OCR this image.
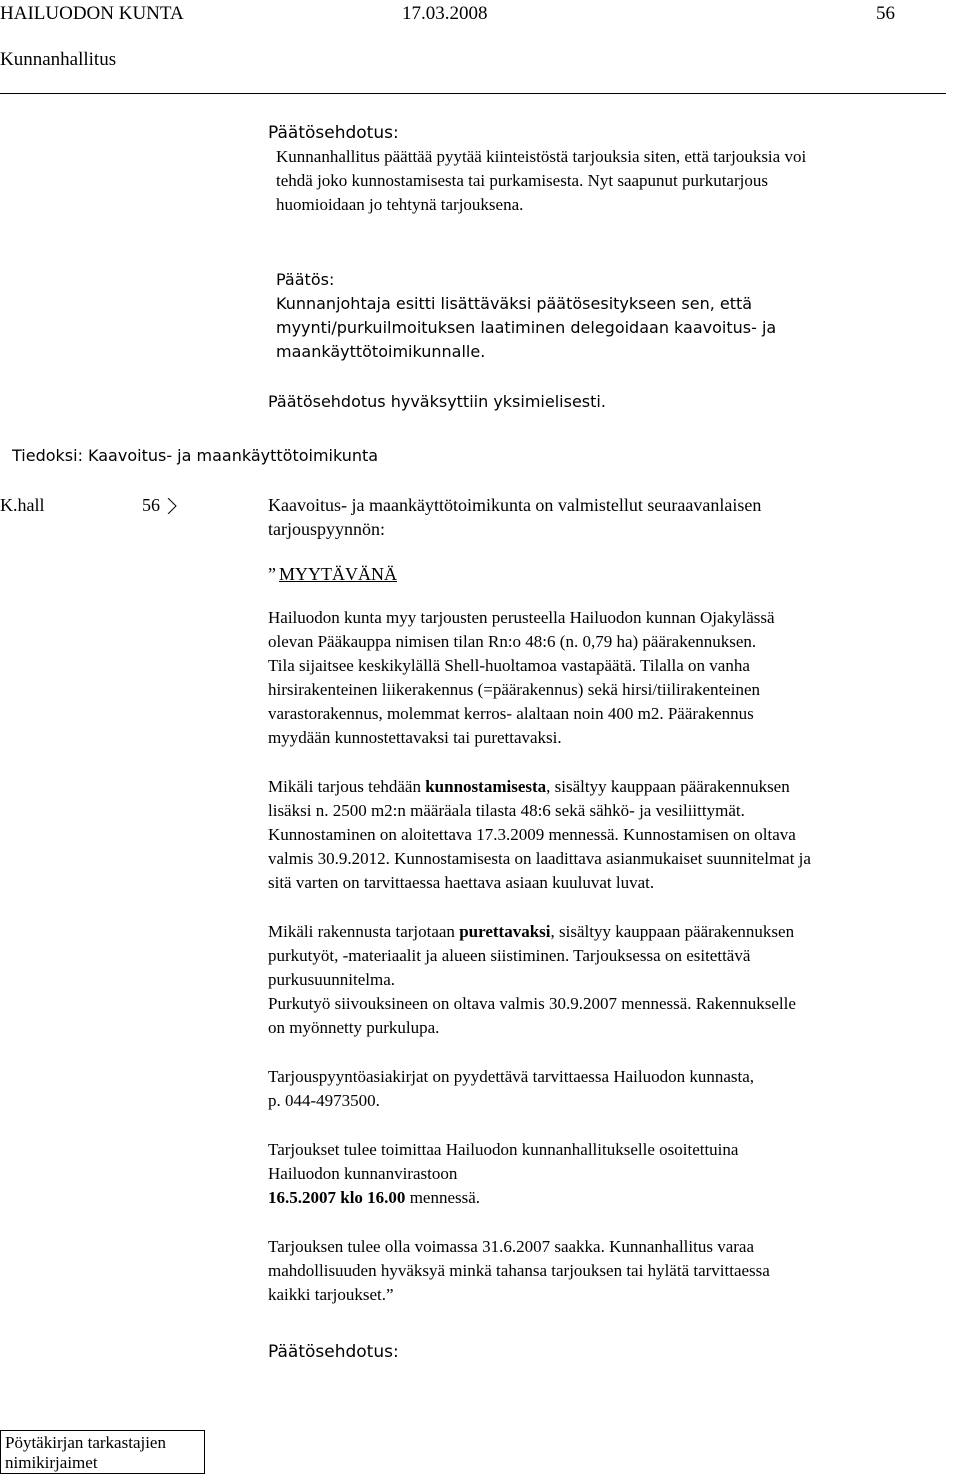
HAILUODON KUNTA	17.03.2008	56
Kunnanhallitus

Päätösehdotus:

Kunnanhallitus päättää pyytää kiinteistöstä tarjouksia siten, että tarjouksia voi

tehdä joko kunnostamisesta tai purkamisesta. Nyt saapunut purkutarjous

huomioidaan jo tehtynä tarjouksena.

Päätös:

Kunnanjohtaja esitti lisättäväksi päätösesitykseen sen, että

myynti/purkuilmoituksen laatiminen delegoidaan kaavoitus- ja

maankäyttötoimikunnalle.

Päätösehdotus hyväksyttiin yksimielisesti.

Tiedoksi: Kaavoitus- ja maankäyttötoimikunta
K.hall	56	Kaavoitus- ja maankäyttötoimikunta on valmistellut seuraavanlaisen

tarjouspyynnön:

” MYYTÄVÄNÄ

Hailuodon kunta myy tarjousten perusteella Hailuodon kunnan Ojakylässä

olevan Pääkauppa nimisen tilan Rn:o 48:6 (n. 0,79 ha) päärakennuksen.

Tila sijaitsee keskikylällä Shell-huoltamoa vastapäätä. Tilalla on vanha

hirsirakenteinen liikerakennus (=päärakennus) sekä hirsi/tiilirakenteinen

varastorakennus, molemmat kerros- alaltaan noin 400 m2. Päärakennus

myydään kunnostettavaksi tai purettavaksi.

Mikäli tarjous tehdään kunnostamisesta, sisältyy kauppaan päärakennuksen

lisäksi n. 2500 m2:n määräala tilasta 48:6 sekä sähkö- ja vesiliittymät.

Kunnostaminen on aloitettava 17.3.2009 mennessä. Kunnostamisen on oltava

valmis 30.9.2012. Kunnostamisesta on laadittava asianmukaiset suunnitelmat ja

sitä varten on tarvittaessa haettava asiaan kuuluvat luvat.

Mikäli rakennusta tarjotaan purettavaksi, sisältyy kauppaan päärakennuksen

purkutyöt, -materiaalit ja alueen siistiminen. Tarjouksessa on esitettävä

purkusuunnitelma.

Purkutyö siivouksineen on oltava valmis 30.9.2007 mennessä. Rakennukselle

on myönnetty purkulupa.

Tarjouspyyntöasiakirjat on pyydettävä tarvittaessa Hailuodon kunnasta,

p. 044-4973500.

Tarjoukset tulee toimittaa Hailuodon kunnanhallitukselle osoitettuina

Hailuodon kunnanvirastoon

16.5.2007 klo 16.00 mennessä.

Tarjouksen tulee olla voimassa 31.6.2007 saakka. Kunnanhallitus varaa

mahdollisuuden hyväksyä minkä tahansa tarjouksen tai hylätä tarvittaessa

kaikki tarjoukset.”

Päätösehdotus:

Pöytäkirjan tarkastajien

nimikirjaimet
